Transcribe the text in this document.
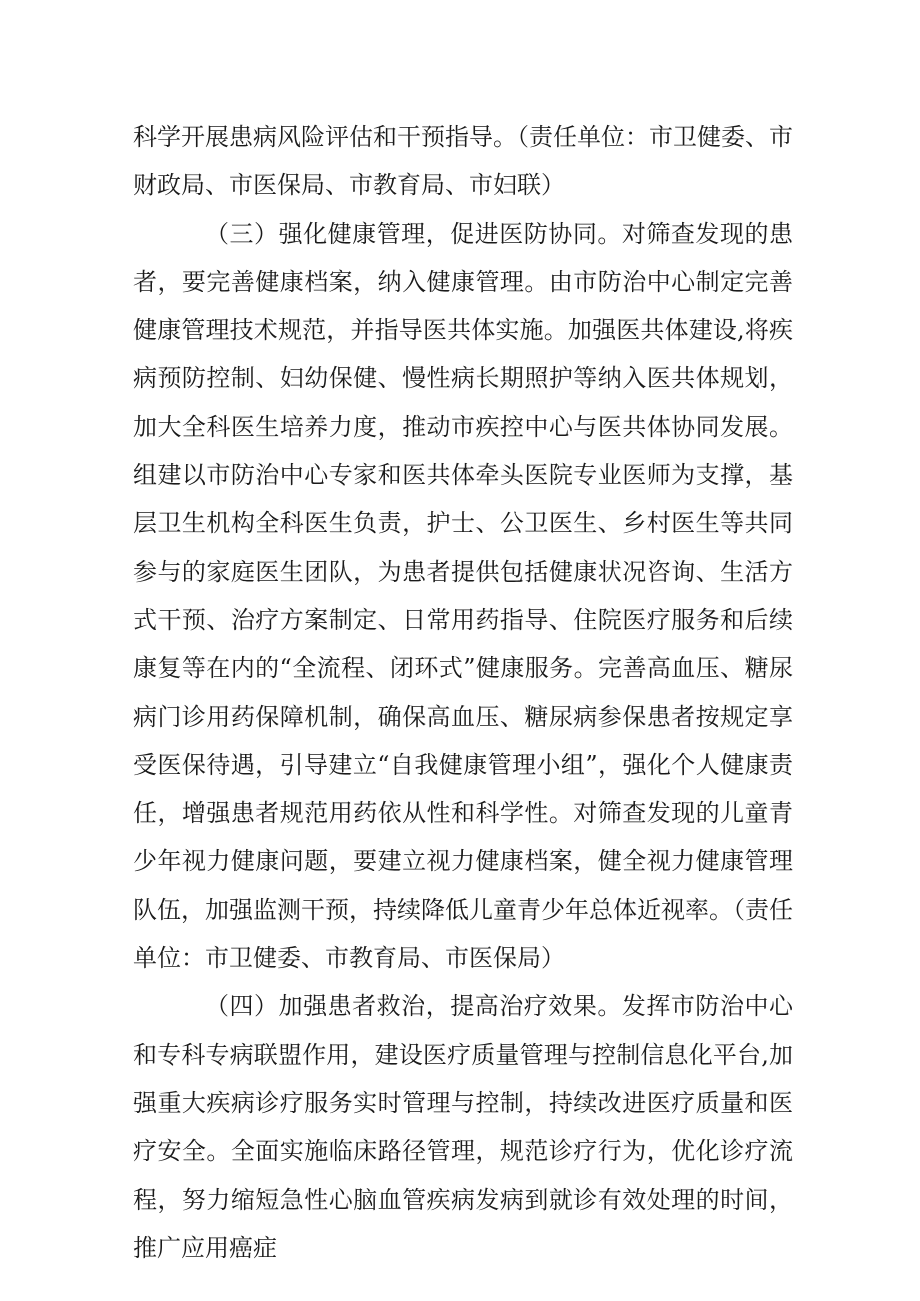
科学开展患病风险评估和干预指导。（责任单位：市卫健委、市财政局、市医保局、市教育局、市妇联）

（三）强化健康管理，促进医防协同。对筛查发现的患者，要完善健康档案，纳入健康管理。由市防治中心制定完善健康管理技术规范，并指导医共体实施。加强医共体建设,将疾病预防控制、妇幼保健、慢性病长期照护等纳入医共体规划，加大全科医生培养力度，推动市疾控中心与医共体协同发展。组建以市防治中心专家和医共体牵头医院专业医师为支撑，基层卫生机构全科医生负责，护士、公卫医生、乡村医生等共同参与的家庭医生团队，为患者提供包括健康状况咨询、生活方式干预、治疗方案制定、日常用药指导、住院医疗服务和后续康复等在内的“全流程、闭环式”健康服务。完善高血压、糖尿病门诊用药保障机制，确保高血压、糖尿病参保患者按规定享受医保待遇，引导建立“自我健康管理小组”，强化个人健康责任，增强患者规范用药依从性和科学性。对筛查发现的儿童青少年视力健康问题，要建立视力健康档案，健全视力健康管理队伍，加强监测干预，持续降低儿童青少年总体近视率。（责任单位：市卫健委、市教育局、市医保局）

（四）加强患者救治，提高治疗效果。发挥市防治中心和专科专病联盟作用，建设医疗质量管理与控制信息化平台,加强重大疾病诊疗服务实时管理与控制，持续改进医疗质量和医疗安全。全面实施临床路径管理，规范诊疗行为，优化诊疗流程，努力缩短急性心脑血管疾病发病到就诊有效处理的时间，推广应用癌症
